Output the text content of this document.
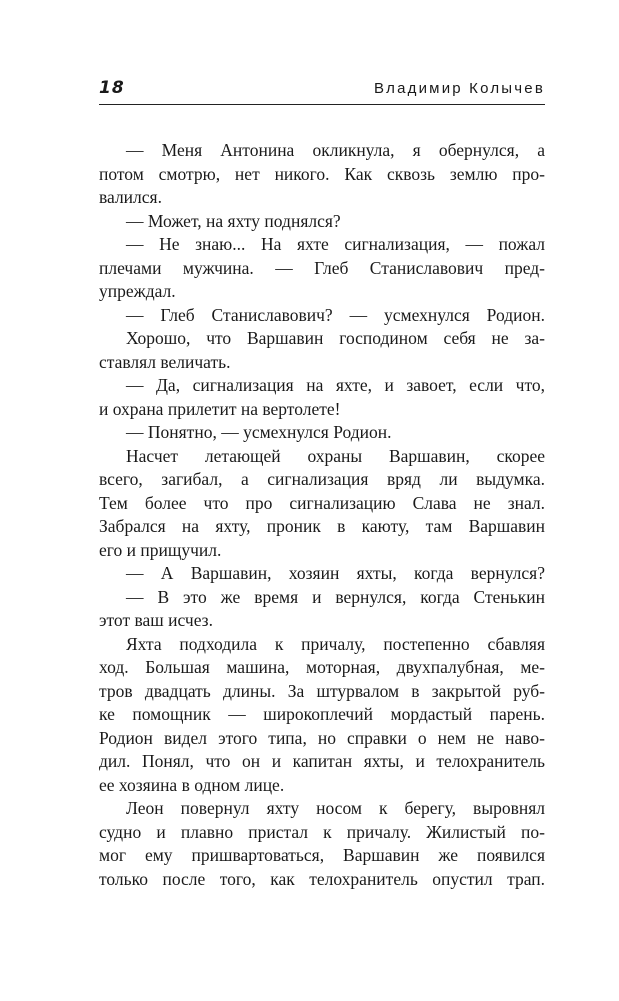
18	Владимир Колычев
— Меня Антонина окликнула, я обернулся, а
потом смотрю, нет никого. Как сквозь землю про-
валился.
— Может, на яхту поднялся?
— Не знаю... На яхте сигнализация, — пожал
плечами мужчина. — Глеб Станиславович пред-
упреждал.
— Глеб Станиславович? — усмехнулся Родион.
Хорошо, что Варшавин господином себя не за-
ставлял величать.
— Да, сигнализация на яхте, и завоет, если что,
и охрана прилетит на вертолете!
— Понятно, — усмехнулся Родион.
Насчет летающей охраны Варшавин, скорее
всего, загибал, а сигнализация вряд ли выдумка.
Тем более что про сигнализацию Слава не знал.
Забрался на яхту, проник в каюту, там Варшавин
его и прищучил.
— А Варшавин, хозяин яхты, когда вернулся?
— В это же время и вернулся, когда Стенькин
этот ваш исчез.
Яхта подходила к причалу, постепенно сбавляя
ход. Большая машина, моторная, двухпалубная, ме-
тров двадцать длины. За штурвалом в закрытой руб-
ке помощник — широкоплечий мордастый парень.
Родион видел этого типа, но справки о нем не наво-
дил. Понял, что он и капитан яхты, и телохранитель
ее хозяина в одном лице.
Леон повернул яхту носом к берегу, выровнял
судно и плавно пристал к причалу. Жилистый по-
мог ему пришвартоваться, Варшавин же появился
только после того, как телохранитель опустил трап.
